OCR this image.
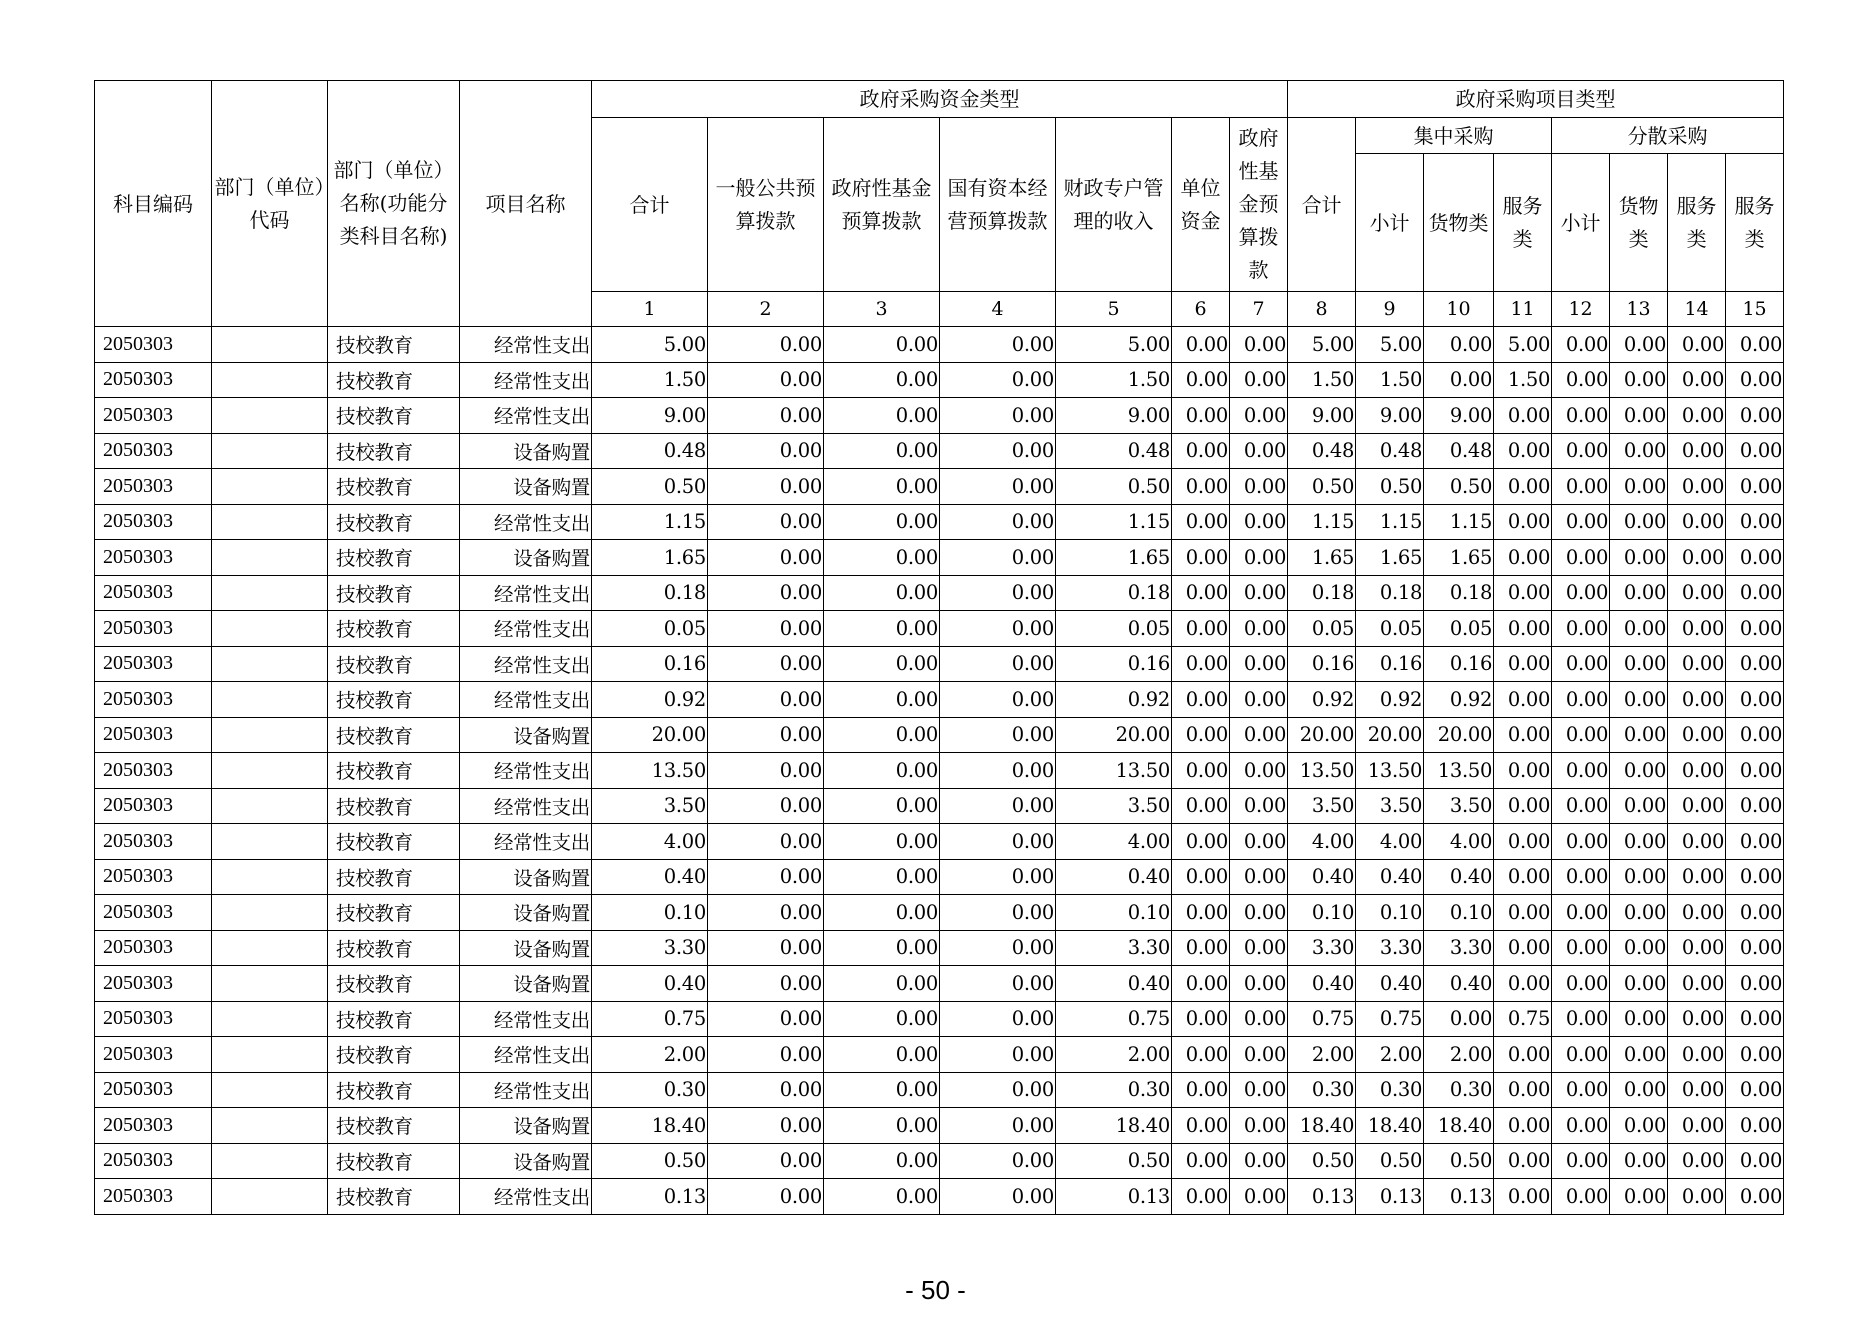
科目编码	部门（单位）代码	部门（单位）名称(功能分类科目名称)	项目名称	政府采购资金类型							政府采购项目类型							
				合计	一般公共预算拨款	政府性基金预算拨款	国有资本经营预算拨款	财政专户管理的收入	单位资金	政府性基金预算拨款	合计	集中采购			分散采购			
												小计	货物类	服务类	小计	货物类	服务类	服务类
				1	2	3	4	5	6	7	8	9	10	11	12	13	14	15
2050303		技校教育	经常性支出	5.00	0.00	0.00	0.00	5.00	0.00	0.00	5.00	5.00	0.00	5.00	0.00	0.00	0.00	0.00
2050303		技校教育	经常性支出	1.50	0.00	0.00	0.00	1.50	0.00	0.00	1.50	1.50	0.00	1.50	0.00	0.00	0.00	0.00
2050303		技校教育	经常性支出	9.00	0.00	0.00	0.00	9.00	0.00	0.00	9.00	9.00	9.00	0.00	0.00	0.00	0.00	0.00
2050303		技校教育	设备购置	0.48	0.00	0.00	0.00	0.48	0.00	0.00	0.48	0.48	0.48	0.00	0.00	0.00	0.00	0.00
2050303		技校教育	设备购置	0.50	0.00	0.00	0.00	0.50	0.00	0.00	0.50	0.50	0.50	0.00	0.00	0.00	0.00	0.00
2050303		技校教育	经常性支出	1.15	0.00	0.00	0.00	1.15	0.00	0.00	1.15	1.15	1.15	0.00	0.00	0.00	0.00	0.00
2050303		技校教育	设备购置	1.65	0.00	0.00	0.00	1.65	0.00	0.00	1.65	1.65	1.65	0.00	0.00	0.00	0.00	0.00
2050303		技校教育	经常性支出	0.18	0.00	0.00	0.00	0.18	0.00	0.00	0.18	0.18	0.18	0.00	0.00	0.00	0.00	0.00
2050303		技校教育	经常性支出	0.05	0.00	0.00	0.00	0.05	0.00	0.00	0.05	0.05	0.05	0.00	0.00	0.00	0.00	0.00
2050303		技校教育	经常性支出	0.16	0.00	0.00	0.00	0.16	0.00	0.00	0.16	0.16	0.16	0.00	0.00	0.00	0.00	0.00
2050303		技校教育	经常性支出	0.92	0.00	0.00	0.00	0.92	0.00	0.00	0.92	0.92	0.92	0.00	0.00	0.00	0.00	0.00
2050303		技校教育	设备购置	20.00	0.00	0.00	0.00	20.00	0.00	0.00	20.00	20.00	20.00	0.00	0.00	0.00	0.00	0.00
2050303		技校教育	经常性支出	13.50	0.00	0.00	0.00	13.50	0.00	0.00	13.50	13.50	13.50	0.00	0.00	0.00	0.00	0.00
2050303		技校教育	经常性支出	3.50	0.00	0.00	0.00	3.50	0.00	0.00	3.50	3.50	3.50	0.00	0.00	0.00	0.00	0.00
2050303		技校教育	经常性支出	4.00	0.00	0.00	0.00	4.00	0.00	0.00	4.00	4.00	4.00	0.00	0.00	0.00	0.00	0.00
2050303		技校教育	设备购置	0.40	0.00	0.00	0.00	0.40	0.00	0.00	0.40	0.40	0.40	0.00	0.00	0.00	0.00	0.00
2050303		技校教育	设备购置	0.10	0.00	0.00	0.00	0.10	0.00	0.00	0.10	0.10	0.10	0.00	0.00	0.00	0.00	0.00
2050303		技校教育	设备购置	3.30	0.00	0.00	0.00	3.30	0.00	0.00	3.30	3.30	3.30	0.00	0.00	0.00	0.00	0.00
2050303		技校教育	设备购置	0.40	0.00	0.00	0.00	0.40	0.00	0.00	0.40	0.40	0.40	0.00	0.00	0.00	0.00	0.00
2050303		技校教育	经常性支出	0.75	0.00	0.00	0.00	0.75	0.00	0.00	0.75	0.75	0.00	0.75	0.00	0.00	0.00	0.00
2050303		技校教育	经常性支出	2.00	0.00	0.00	0.00	2.00	0.00	0.00	2.00	2.00	2.00	0.00	0.00	0.00	0.00	0.00
2050303		技校教育	经常性支出	0.30	0.00	0.00	0.00	0.30	0.00	0.00	0.30	0.30	0.30	0.00	0.00	0.00	0.00	0.00
2050303		技校教育	设备购置	18.40	0.00	0.00	0.00	18.40	0.00	0.00	18.40	18.40	18.40	0.00	0.00	0.00	0.00	0.00
2050303		技校教育	设备购置	0.50	0.00	0.00	0.00	0.50	0.00	0.00	0.50	0.50	0.50	0.00	0.00	0.00	0.00	0.00
2050303		技校教育	经常性支出	0.13	0.00	0.00	0.00	0.13	0.00	0.00	0.13	0.13	0.13	0.00	0.00	0.00	0.00	0.00
- 50 -
